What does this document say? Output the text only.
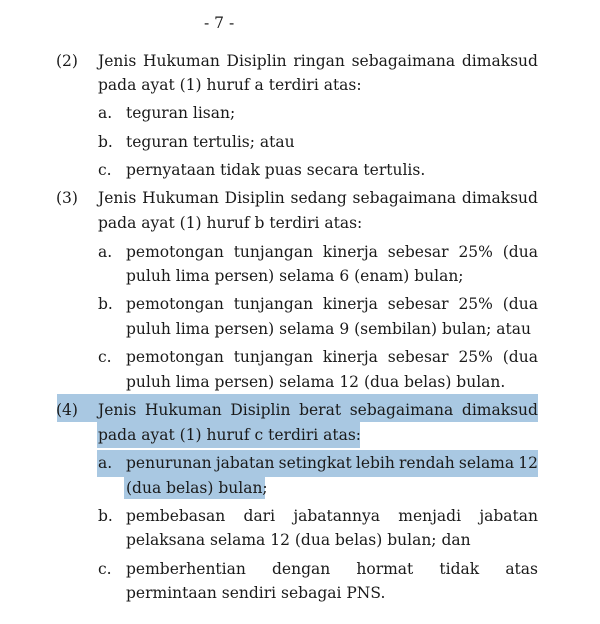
- 7 -
(2) Jenis Hukuman Disiplin ringan sebagaimana dimaksud
pada ayat (1) huruf a terdiri atas:
a. teguran lisan;
b. teguran tertulis; atau
c. pernyataan tidak puas secara tertulis.
(3) Jenis Hukuman Disiplin sedang sebagaimana dimaksud
pada ayat (1) huruf b terdiri atas:
a. pemotongan tunjangan kinerja sebesar 25% (dua
puluh lima persen) selama 6 (enam) bulan;
b. pemotongan tunjangan kinerja sebesar 25% (dua
puluh lima persen) selama 9 (sembilan) bulan; atau
c. pemotongan tunjangan kinerja sebesar 25% (dua
puluh lima persen) selama 12 (dua belas) bulan.
(4) Jenis Hukuman Disiplin berat sebagaimana dimaksud
pada ayat (1) huruf c terdiri atas:
a. penurunan jabatan setingkat lebih rendah selama 12
(dua belas) bulan;
b. pembebasan dari jabatannya menjadi jabatan
pelaksana selama 12 (dua belas) bulan; dan
c. pemberhentian dengan hormat tidak atas
permintaan sendiri sebagai PNS.
